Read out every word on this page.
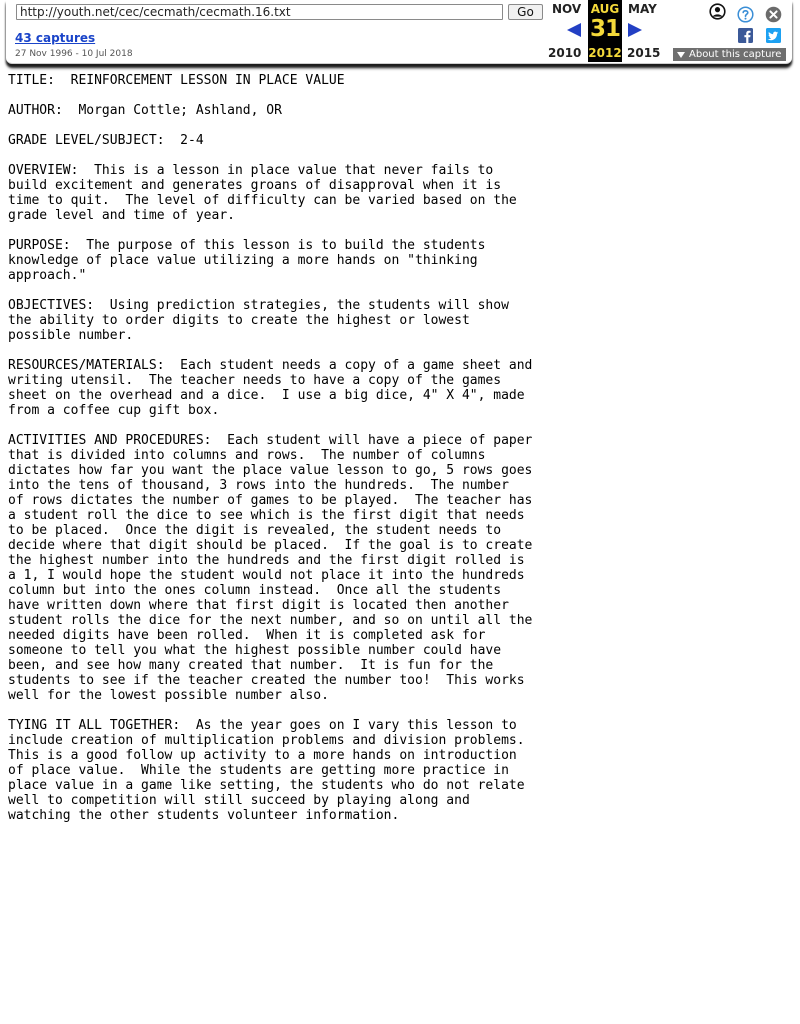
http://youth.net/cec/cecmath/cecmath.16.txt
Go
43 captures
27 Nov 1996 - 10 Jul 2018
NOV
2010
AUG
31
2012
MAY
2015	About this capture
TITLE:  REINFORCEMENT LESSON IN PLACE VALUE

AUTHOR:  Morgan Cottle; Ashland, OR

GRADE LEVEL/SUBJECT:  2-4

OVERVIEW:  This is a lesson in place value that never fails to
build excitement and generates groans of disapproval when it is
time to quit.  The level of difficulty can be varied based on the
grade level and time of year.

PURPOSE:  The purpose of this lesson is to build the students
knowledge of place value utilizing a more hands on "thinking
approach."

OBJECTIVES:  Using prediction strategies, the students will show
the ability to order digits to create the highest or lowest
possible number.

RESOURCES/MATERIALS:  Each student needs a copy of a game sheet and
writing utensil.  The teacher needs to have a copy of the games
sheet on the overhead and a dice.  I use a big dice, 4" X 4", made
from a coffee cup gift box.

ACTIVITIES AND PROCEDURES:  Each student will have a piece of paper
that is divided into columns and rows.  The number of columns
dictates how far you want the place value lesson to go, 5 rows goes
into the tens of thousand, 3 rows into the hundreds.  The number
of rows dictates the number of games to be played.  The teacher has
a student roll the dice to see which is the first digit that needs
to be placed.  Once the digit is revealed, the student needs to
decide where that digit should be placed.  If the goal is to create
the highest number into the hundreds and the first digit rolled is
a 1, I would hope the student would not place it into the hundreds
column but into the ones column instead.  Once all the students
have written down where that first digit is located then another
student rolls the dice for the next number, and so on until all the
needed digits have been rolled.  When it is completed ask for
someone to tell you what the highest possible number could have
been, and see how many created that number.  It is fun for the
students to see if the teacher created the number too!  This works
well for the lowest possible number also.

TYING IT ALL TOGETHER:  As the year goes on I vary this lesson to
include creation of multiplication problems and division problems.
This is a good follow up activity to a more hands on introduction
of place value.  While the students are getting more practice in
place value in a game like setting, the students who do not relate
well to competition will still succeed by playing along and
watching the other students volunteer information.
